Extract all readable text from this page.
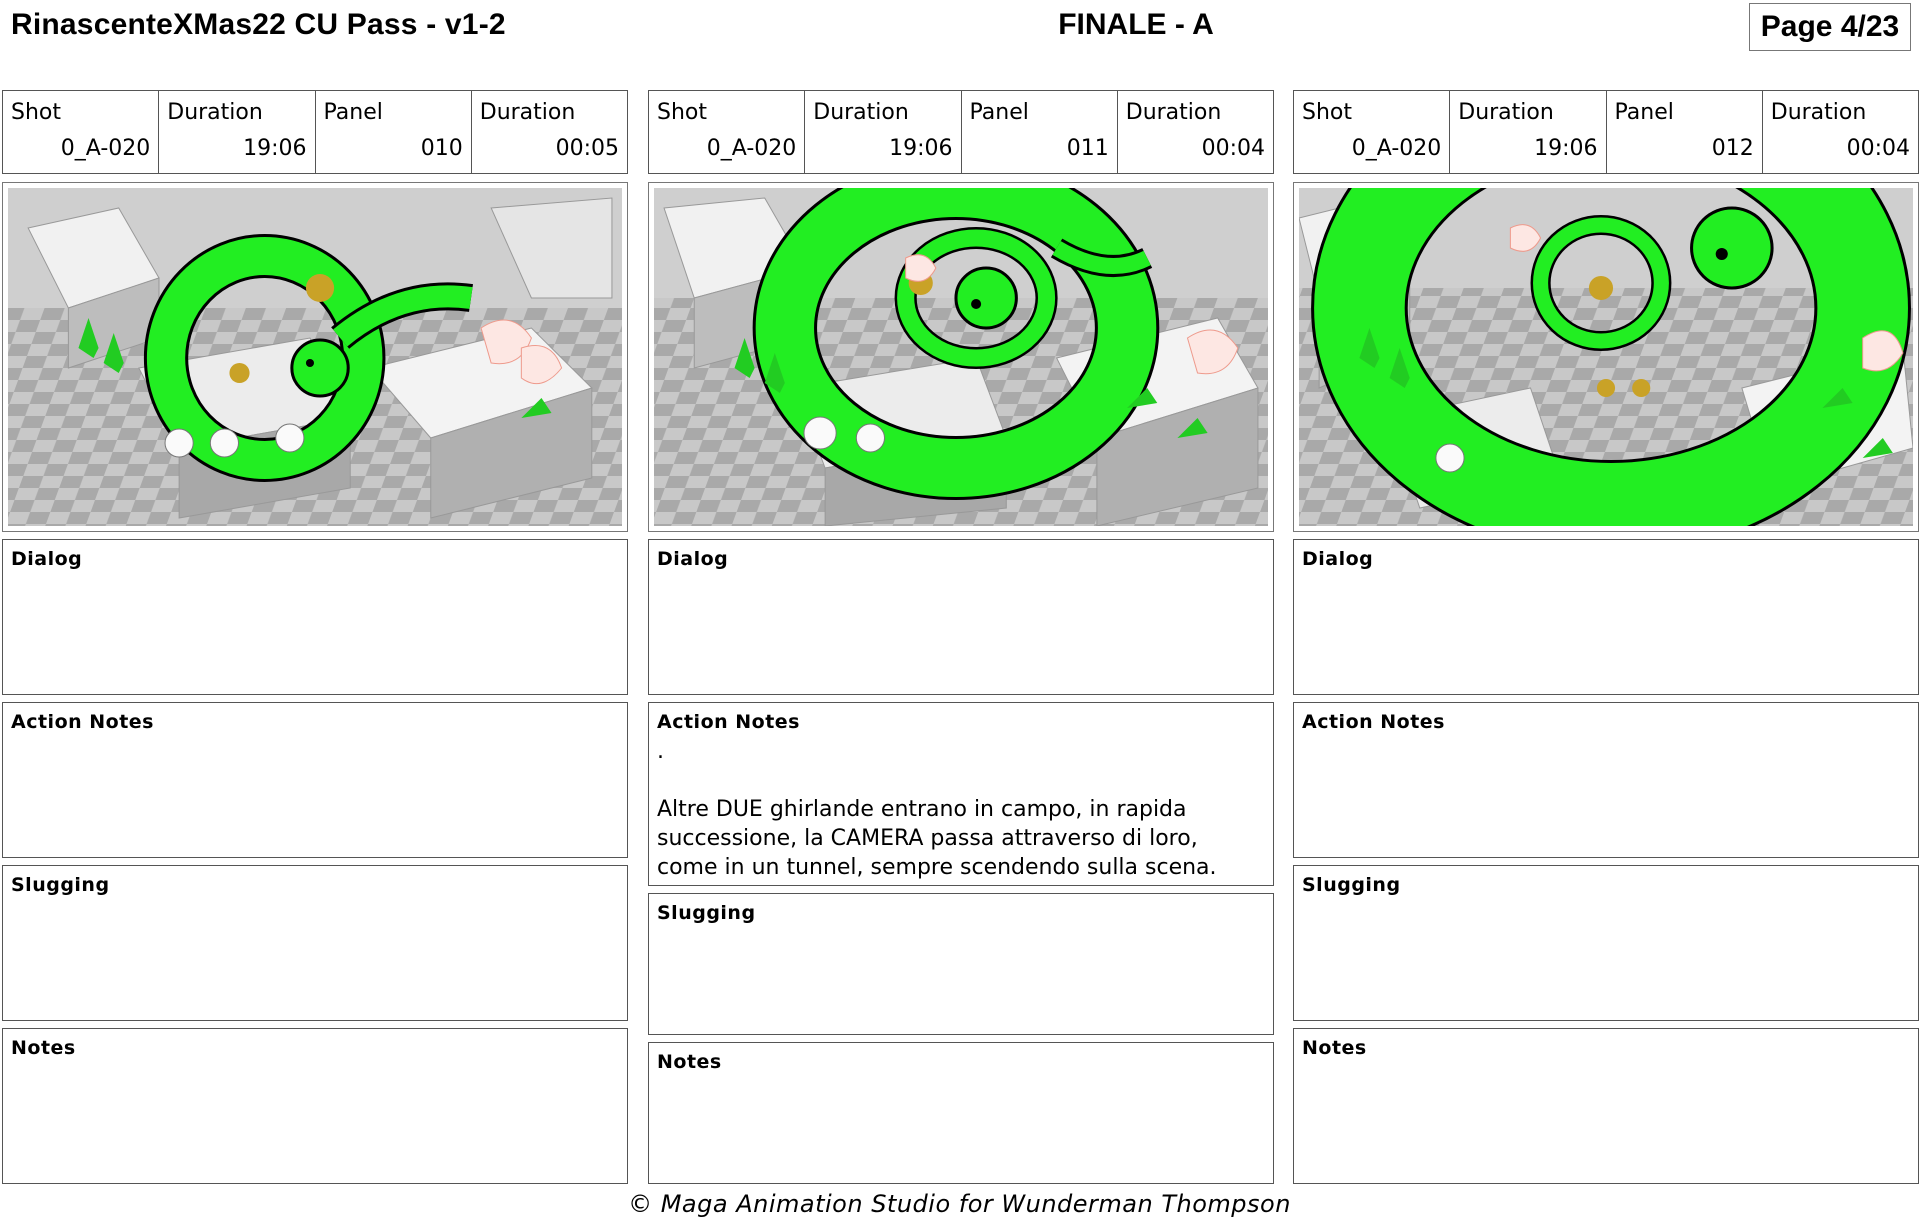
RinascenteXMas22 CU Pass - v1-2	FINALE - A	Page 4/23
Shot
0_A-020
Duration
19:06
Panel
010
Duration
00:05
Dialog
Action Notes
Slugging
Notes
Shot
0_A-020
Duration
19:06
Panel
011
Duration
00:04
Dialog
Action Notes
.

Altre DUE ghirlande entrano in campo, in rapida successione, la CAMERA passa attraverso di loro, come in un tunnel, sempre scendendo sulla scena.
Slugging
Notes
Shot
0_A-020
Duration
19:06
Panel
012
Duration
00:04
Dialog
Action Notes
Slugging
Notes
© Maga Animation Studio for Wunderman Thompson
